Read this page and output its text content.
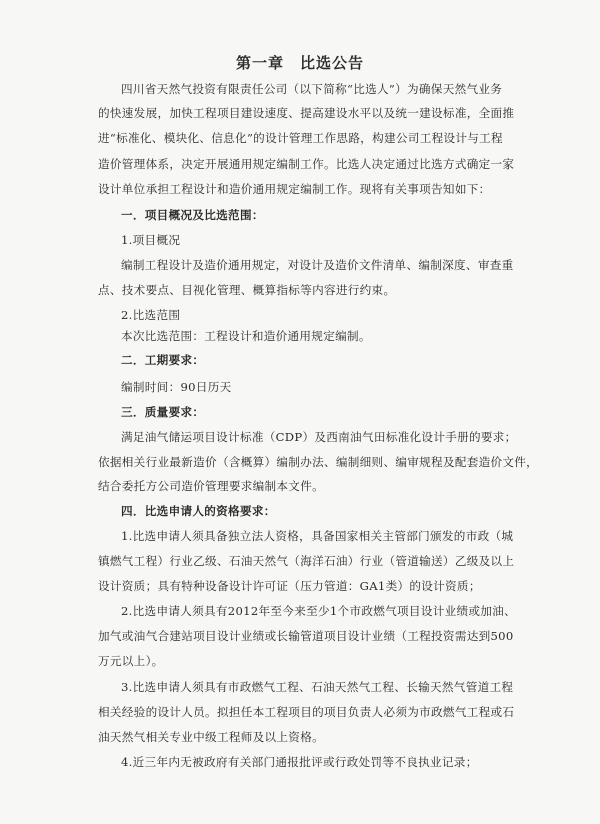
第一章　比选公告
四川省天然气投资有限责任公司（以下简称“比选人”）为确保天然气业务
的快速发展，加快工程项目建设速度、提高建设水平以及统一建设标准，全面推
进“标准化、模块化、信息化”的设计管理工作思路，构建公司工程设计与工程
造价管理体系，决定开展通用规定编制工作。比选人决定通过比选方式确定一家
设计单位承担工程设计和造价通用规定编制工作。现将有关事项告知如下：
一．项目概况及比选范围：
1.项目概况
编制工程设计及造价通用规定，对设计及造价文件清单、编制深度、审查重
点、技术要点、目视化管理、概算指标等内容进行约束。
2.比选范围
本次比选范围：工程设计和造价通用规定编制。
二．工期要求：
编制时间：90日历天
三．质量要求：
满足油气储运项目设计标准（CDP）及西南油气田标准化设计手册的要求；
依据相关行业最新造价（含概算）编制办法、编制细则、编审规程及配套造价文件，
结合委托方公司造价管理要求编制本文件。
四．比选申请人的资格要求：
1.比选申请人须具备独立法人资格，具备国家相关主管部门颁发的市政（城
镇燃气工程）行业乙级、石油天然气（海洋石油）行业（管道输送）乙级及以上
设计资质；具有特种设备设计许可证（压力管道：GA1类）的设计资质；
2.比选申请人须具有2012年至今来至少1个市政燃气项目设计业绩或加油、
加气或油气合建站项目设计业绩或长输管道项目设计业绩（工程投资需达到500
万元以上）。
3.比选申请人须具有市政燃气工程、石油天然气工程、长输天然气管道工程
相关经验的设计人员。拟担任本工程项目的项目负责人必须为市政燃气工程或石
油天然气相关专业中级工程师及以上资格。
4.近三年内无被政府有关部门通报批评或行政处罚等不良执业记录；
